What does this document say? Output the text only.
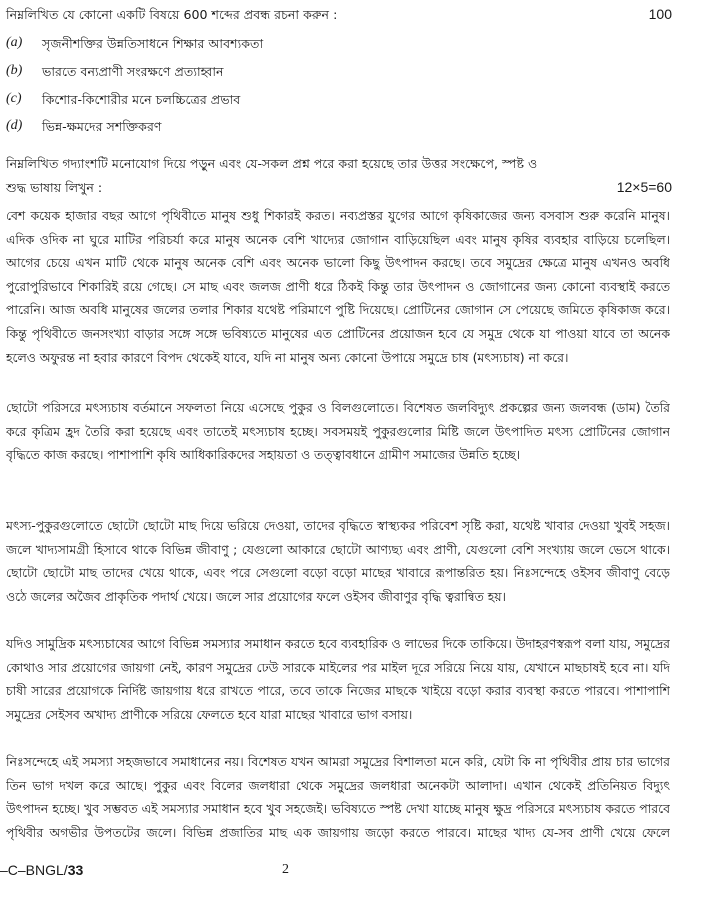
নিম্নলিখিত যে কোনো একটি বিষয়ে 600 শব্দের প্রবন্ধ রচনা করুন :	100
(a) সৃজনীশক্তির উন্নতিসাধনে শিক্ষার আবশ্যকতা
(b) ভারতে বন্যপ্রাণী সংরক্ষণে প্রত্যাহ্বান
(c) কিশোর-কিশোরীর মনে চলচ্চিত্রের প্রভাব
(d) ভিন্ন-ক্ষমদের সশক্তিকরণ
নিম্নলিখিত গদ্যাংশটি মনোযোগ দিয়ে পড়ুন এবং যে-সকল প্রশ্ন পরে করা হয়েছে তার উত্তর সংক্ষেপে, স্পষ্ট ও
শুদ্ধ ভাষায় লিখুন :	12×5=60

বেশ কয়েক হাজার বছর আগে পৃথিবীতে মানুষ শুধু শিকারই করত। নব্যপ্রস্তর যুগের আগে কৃষিকাজের জন্য বসবাস শুরু করেনি মানুষ। এদিক ওদিক না ঘুরে মাটির পরিচর্যা করে মানুষ অনেক বেশি খাদ্যের জোগান বাড়িয়েছিল এবং মানুষ কৃষির ব্যবহার বাড়িয়ে চলেছিল। আগের চেয়ে এখন মাটি থেকে মানুষ অনেক বেশি এবং অনেক ভালো কিছু উৎপাদন করছে। তবে সমুদ্রের ক্ষেত্রে মানুষ এখনও অবধি পুরোপুরিভাবে শিকারিই রয়ে গেছে। সে মাছ এবং জলজ প্রাণী ধরে ঠিকই কিন্তু তার উৎপাদন ও জোগানের জন্য কোনো ব্যবস্থাই করতে পারেনি। আজ অবধি মানুষের জলের তলার শিকার যথেষ্ট পরিমাণে পুষ্টি দিয়েছে। প্রোটিনের জোগান সে পেয়েছে জমিতে কৃষিকাজ করে। কিন্তু পৃথিবীতে জনসংখ্যা বাড়ার সঙ্গে সঙ্গে ভবিষ্যতে মানুষের এত প্রোটিনের প্রয়োজন হবে যে সমুদ্র থেকে যা পাওয়া যাবে তা অনেক হলেও অফুরন্ত না হবার কারণে বিপদ থেকেই যাবে, যদি না মানুষ অন্য কোনো উপায়ে সমুদ্রে চাষ (মৎস্যচাষ) না করে।

ছোটো পরিসরে মৎস্যচাষ বর্তমানে সফলতা নিয়ে এসেছে পুকুর ও বিলগুলোতে। বিশেষত জলবিদ্যুৎ প্রকল্পের জন্য জলবন্ধ (ডাম) তৈরি করে কৃত্রিম হ্রদ তৈরি করা হয়েছে এবং তাতেই মৎস্যচাষ হচ্ছে। সবসময়ই পুকুরগুলোর মিষ্টি জলে উৎপাদিত মৎস্য প্রোটিনের জোগান বৃদ্ধিতে কাজ করছে। পাশাপাশি কৃষি আধিকারিকদের সহায়তা ও তত্ত্বাবধানে গ্রামীণ সমাজের উন্নতি হচ্ছে।

মৎস্য-পুকুরগুলোতে ছোটো ছোটো মাছ দিয়ে ভরিয়ে দেওয়া, তাদের বৃদ্ধিতে স্বাস্থ্যকর পরিবেশ সৃষ্টি করা, যথেষ্ট খাবার দেওয়া খুবই সহজ। জলে খাদ্যসামগ্রী হিসাবে থাকে বিভিন্ন জীবাণু ; যেগুলো আকারে ছোটো আণ্যছ্য এবং প্রাণী, যেগুলো বেশি সংখ্যায় জলে ভেসে থাকে। ছোটো ছোটো মাছ তাদের খেয়ে থাকে, এবং পরে সেগুলো বড়ো বড়ো মাছের খাবারে রূপান্তরিত হয়। নিঃসন্দেহে ওইসব জীবাণু বেড়ে ওঠে জলের অজৈব প্রাকৃতিক পদার্থ খেয়ে। জলে সার প্রয়োগের ফলে ওইসব জীবাণুর বৃদ্ধি ত্বরান্বিত হয়।

যদিও সামুদ্রিক মৎস্যচাষের আগে বিভিন্ন সমস্যার সমাধান করতে হবে ব্যবহারিক ও লাভের দিকে তাকিয়ে। উদাহরণস্বরূপ বলা যায়, সমুদ্রের কোথাও সার প্রয়োগের জায়গা নেই, কারণ সমুদ্রের ঢেউ সারকে মাইলের পর মাইল দূরে সরিয়ে নিয়ে যায়, যেখানে মাছচাষই হবে না। যদি চাষী সারের প্রয়োগকে নির্দিষ্ট জায়গায় ধরে রাখতে পারে, তবে তাকে নিজের মাছকে খাইয়ে বড়ো করার ব্যবস্থা করতে পারবে। পাশাপাশি সমুদ্রের সেইসব অখাদ্য প্রাণীকে সরিয়ে ফেলতে হবে যারা মাছের খাবারে ভাগ বসায়।

নিঃসন্দেহে এই সমস্যা সহজভাবে সমাধানের নয়। বিশেষত যখন আমরা সমুদ্রের বিশালতা মনে করি, যেটা কি না পৃথিবীর প্রায় চার ভাগের তিন ভাগ দখল করে আছে। পুকুর এবং বিলের জলধারা থেকে সমুদ্রের জলধারা অনেকটা আলাদা। এখান থেকেই প্রতিনিয়ত বিদ্যুৎ উৎপাদন হচ্ছে। খুব সম্ভবত এই সমস্যার সমাধান হবে খুব সহজেই। ভবিষ্যতে স্পষ্ট দেখা যাচ্ছে মানুষ ক্ষুদ্র পরিসরে মৎস্যচাষ করতে পারবে পৃথিবীর অগভীর উপতটের জলে। বিভিন্ন প্রজাতির মাছ এক জায়গায় জড়ো করতে পারবে। মাছের খাদ্য যে-সব প্রাণী খেয়ে ফেলে

–C–BNGL/33	2
